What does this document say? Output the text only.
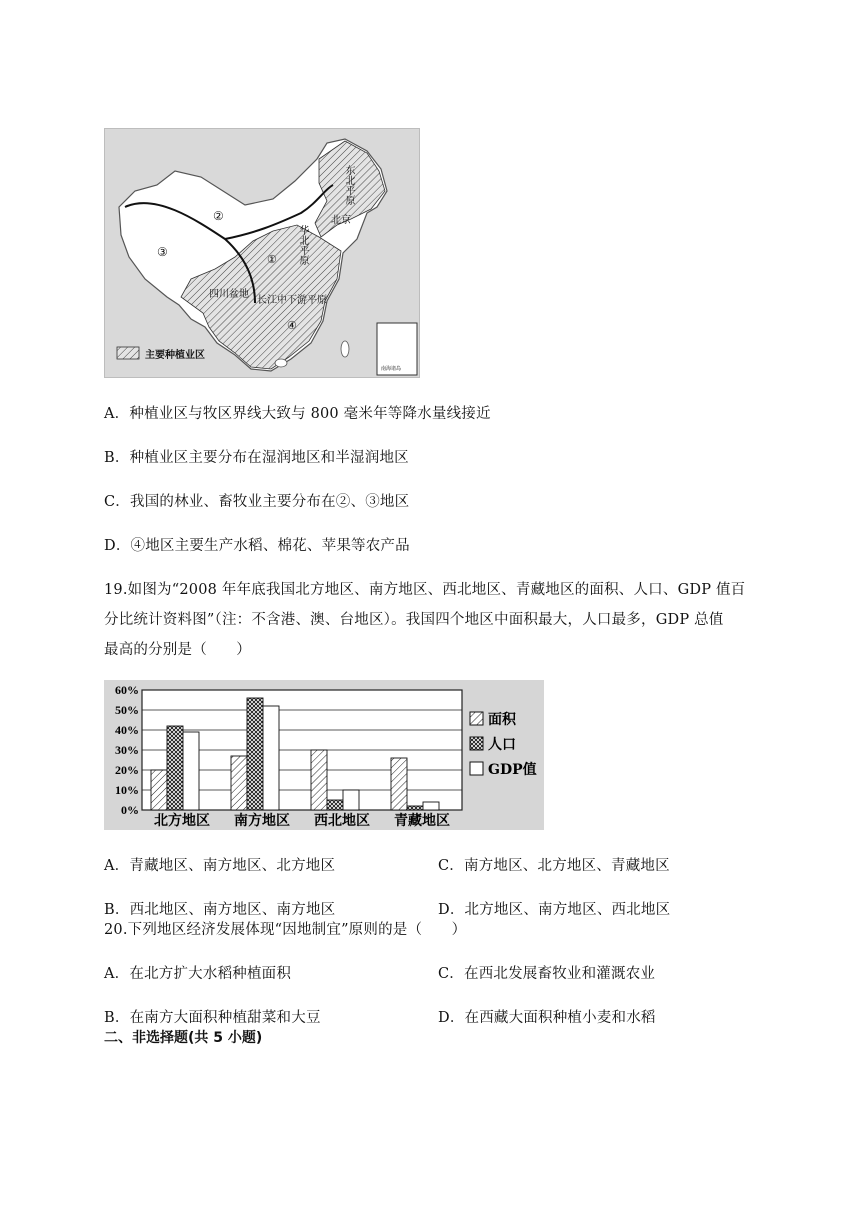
东北平原
北京
华北平原
四川盆地
长江中下游平原
②
③
①
④
主要种植业区
南海诸岛
A．种植业区与牧区界线大致与 800 毫米年等降水量线接近
B．种植业区主要分布在湿润地区和半湿润地区
C．我国的林业、畜牧业主要分布在②、③地区
D．④地区主要生产水稻、棉花、苹果等农产品
19.如图为“2008 年年底我国北方地区、南方地区、西北地区、青藏地区的面积、人口、GDP 值百
分比统计资料图”（注：不含港、澳、台地区）。我国四个地区中面积最大，人口最多，GDP 总值
最高的分别是（　　）
0%
10%
20%
30%
40%
50%
60%
北方地区 南方地区 西北地区 青藏地区
面积
人口
GDP值
A．青藏地区、南方地区、北方地区	C．南方地区、北方地区、青藏地区
B．西北地区、南方地区、南方地区	D．北方地区、南方地区、西北地区
20.下列地区经济发展体现“因地制宜”原则的是（　　）
A．在北方扩大水稻种植面积	C．在西北发展畜牧业和灌溉农业
B．在南方大面积种植甜菜和大豆	D．在西藏大面积种植小麦和水稻
二、非选择题(共 5 小题)
